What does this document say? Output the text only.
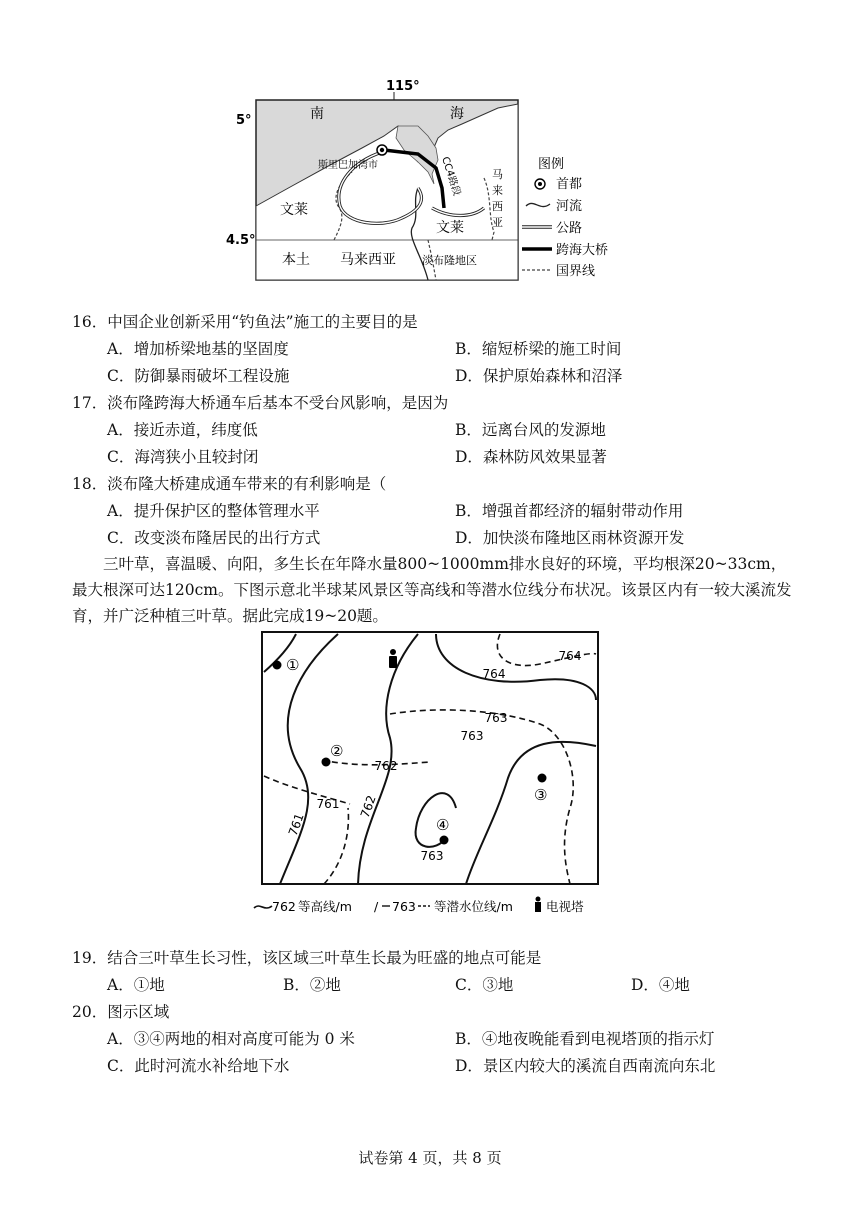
115°
5°
4.5°
南	海
斯里巴加湾市	CC4路段
文莱
文莱
马
来
西
亚
本土 马来西亚 淡布隆地区
图例
首都
河流
公路
跨海大桥
国界线
16．中国企业创新采用“钓鱼法”施工的主要目的是
A．增加桥梁地基的坚固度	B．缩短桥梁的施工时间
C．防御暴雨破坏工程设施	D．保护原始森林和沼泽
17．淡布隆跨海大桥通车后基本不受台风影响，是因为
A．接近赤道，纬度低	B．远离台风的发源地
C．海湾狭小且较封闭	D．森林防风效果显著
18．淡布隆大桥建成通车带来的有利影响是（
A．提升保护区的整体管理水平	B．增强首都经济的辐射带动作用
C．改变淡布隆居民的出行方式	D．加快淡布隆地区雨林资源开发
三叶草，喜温暖、向阳，多生长在年降水量800~1000mm排水良好的环境，平均根深20~33cm，最大根深可达120cm。下图示意北半球某风景区等高线和等潜水位线分布状况。该景区内有一较大溪流发育，并广泛种植三叶草。据此完成19~20题。
762
761
763
764
764
763
762
761
763
①
②
③
④
762 等高线/m / 763 等潜水位线/m	电视塔
19．结合三叶草生长习性，该区域三叶草生长最为旺盛的地点可能是
A．①地	B．②地	C．③地	D．④地
20．图示区域
A．③④两地的相对高度可能为 0 米	B．④地夜晚能看到电视塔顶的指示灯
C．此时河流水补给地下水	D．景区内较大的溪流自西南流向东北
试卷第 4 页，共 8 页
